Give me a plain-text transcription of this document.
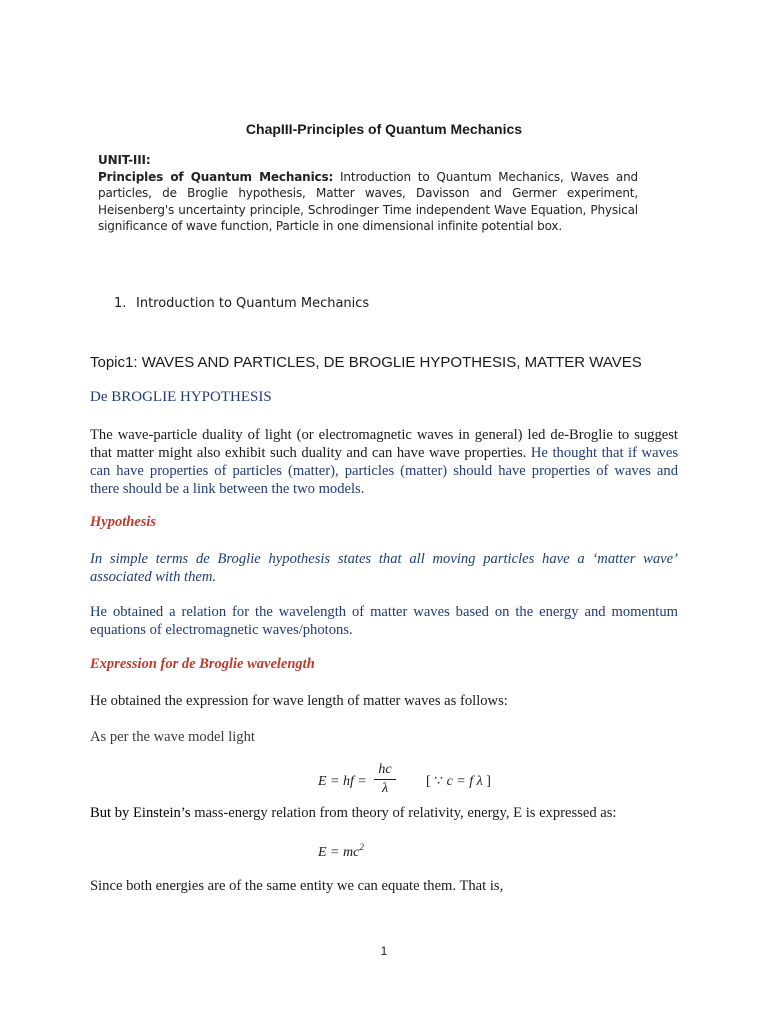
ChapIII-Principles of Quantum Mechanics
UNIT-III:
Principles of Quantum Mechanics: Introduction to Quantum Mechanics, Waves and particles, de Broglie hypothesis, Matter waves, Davisson and Germer experiment, Heisenberg's uncertainty principle, Schrodinger Time independent Wave Equation, Physical significance of wave function, Particle in one dimensional infinite potential box.
1. Introduction to Quantum Mechanics
Topic1: WAVES AND PARTICLES, DE BROGLIE HYPOTHESIS, MATTER WAVES
De BROGLIE HYPOTHESIS
The wave-particle duality of light (or electromagnetic waves in general) led de-Broglie to suggest that matter might also exhibit such duality and can have wave properties. He thought that if waves can have properties of particles (matter), particles (matter) should have properties of waves and there should be a link between the two models.
Hypothesis
In simple terms de Broglie hypothesis states that all moving particles have a ‘matter wave’ associated with them.
He obtained a relation for the wavelength of matter waves based on the energy and momentum equations of electromagnetic waves/photons.
Expression for de Broglie wavelength
He obtained the expression for wave length of matter waves as follows:
As per the wave model light
E = hf =
hc
λ	[ ∵ c = f λ ]
But by Einstein’s mass-energy relation from theory of relativity, energy, E is expressed as:
$E = mc^2$
Since both energies are of the same entity we can equate them. That is,
1
